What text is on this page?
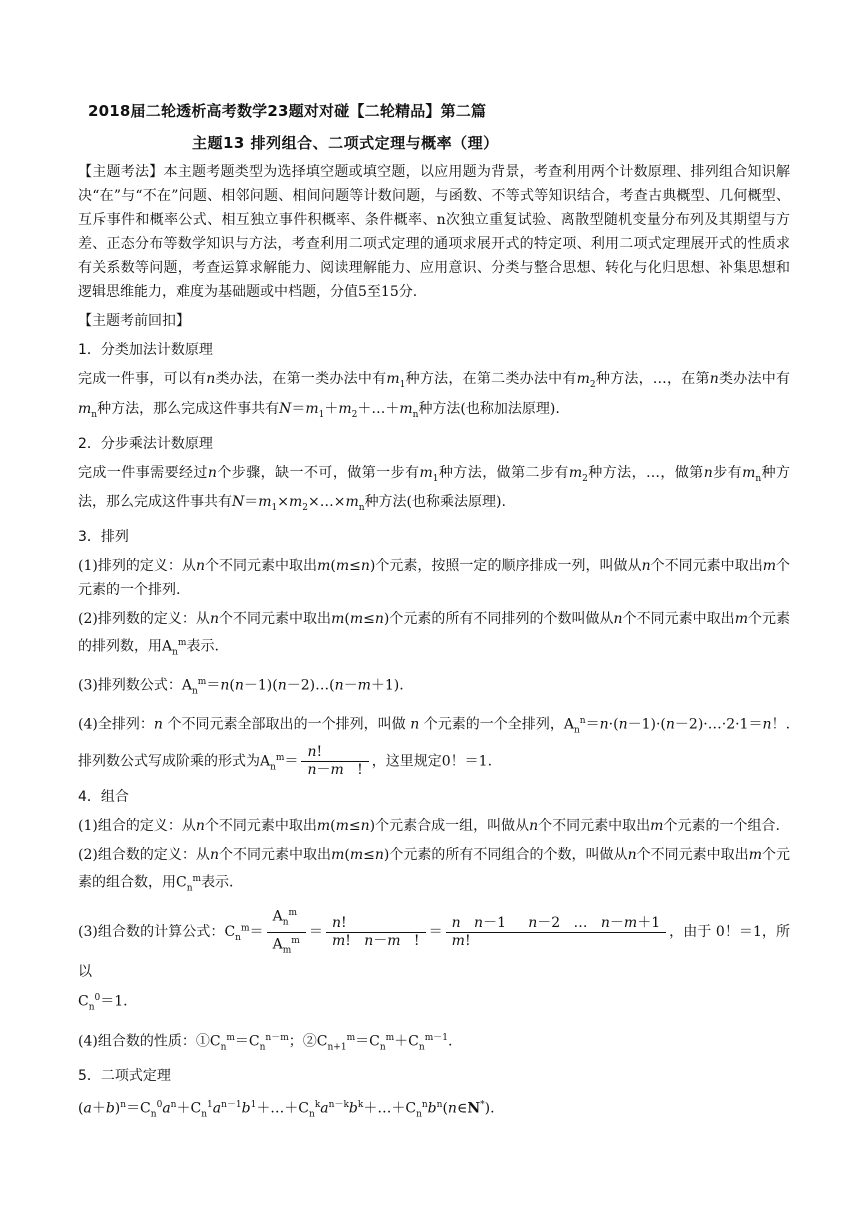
2018届二轮透析高考数学23题对对碰【二轮精品】第二篇
主题13 排列组合、二项式定理与概率（理）

【主题考法】本主题考题类型为选择填空题或填空题，以应用题为背景，考查利用两个计数原理、排列组合知识解决“在”与“不在”问题、相邻问题、相间问题等计数问题，与函数、不等式等知识结合，考查古典概型、几何概型、互斥事件和概率公式、相互独立事件积概率、条件概率、n次独立重复试验、离散型随机变量分布列及其期望与方差、正态分布等数学知识与方法，考查利用二项式定理的通项求展开式的特定项、利用二项式定理展开式的性质求有关系数等问题，考查运算求解能力、阅读理解能力、应用意识、分类与整合思想、转化与化归思想、补集思想和逻辑思维能力，难度为基础题或中档题，分值5至15分.

【主题考前回扣】

1．分类加法计数原理

完成一件事，可以有n类办法，在第一类办法中有$m_1$种方法，在第二类办法中有$m_2$种方法，…，在第n类办法中有$m_n$种方法，那么完成这件事共有$N=m_1+m_2+\dots+m_n$种方法(也称加法原理).

2．分步乘法计数原理

完成一件事需要经过n个步骤，缺一不可，做第一步有$m_1$种方法，做第二步有$m_2$种方法，…，做第n步有$m_n$种方法，那么完成这件事共有$N=m_1\times m_2\times\dots\times m_n$种方法(也称乘法原理).

3．排列

(1)排列的定义：从n个不同元素中取出m(m≤n)个元素，按照一定的顺序排成一列，叫做从n个不同元素中取出m个元素的一个排列.

(2)排列数的定义：从n个不同元素中取出m(m≤n)个元素的所有不同排列的个数叫做从n个不同元素中取出m个元素的排列数，用$A_n^m$表示.

(3)排列数公式：$A_n^m=n(n-1)(n-2)\dots(n-m+1)$.

(4)全排列：n 个不同元素全部取出的一个排列，叫做 n 个元素的一个全排列，$A_n^n=n\cdot(n-1)\cdot(n-2)\cdot\dots\cdot 2\cdot 1=n$！.排列数公式写成阶乘的形式为$A_n^m= \frac{n!}{n-m !}$ ，这里规定0！＝1.

4．组合

(1)组合的定义：从n个不同元素中取出m(m≤n)个元素合成一组，叫做从n个不同元素中取出m个元素的一个组合.

(2)组合数的定义：从n个不同元素中取出m(m≤n)个元素的所有不同组合的个数，叫做从n个不同元素中取出m个元素的组合数，用$C_n^m$表示.

(3)组合数的计算公式：$C_n^m= \frac{A_n^m}{A_m^m} = \frac{n!}{m! n-m !} = \frac{\text{n n－1     n－2   …   n－m＋1}}{m!}$ ，由于 0！＝1，所以
$C_n^0=1$.

(4)组合数的性质：$①C_n^m=C_n^{n-m}$；$②C_{n+1}^m=C_n^m+C_n^{m-1}$.

5．二项式定理

$(a+b)^n=C_n^0a^n+C_n^1a^{n-1}b^1+\dots+C_n^ka^{n-k}b^k+\dots+C_n^nb^n(n\in N^*)$.
